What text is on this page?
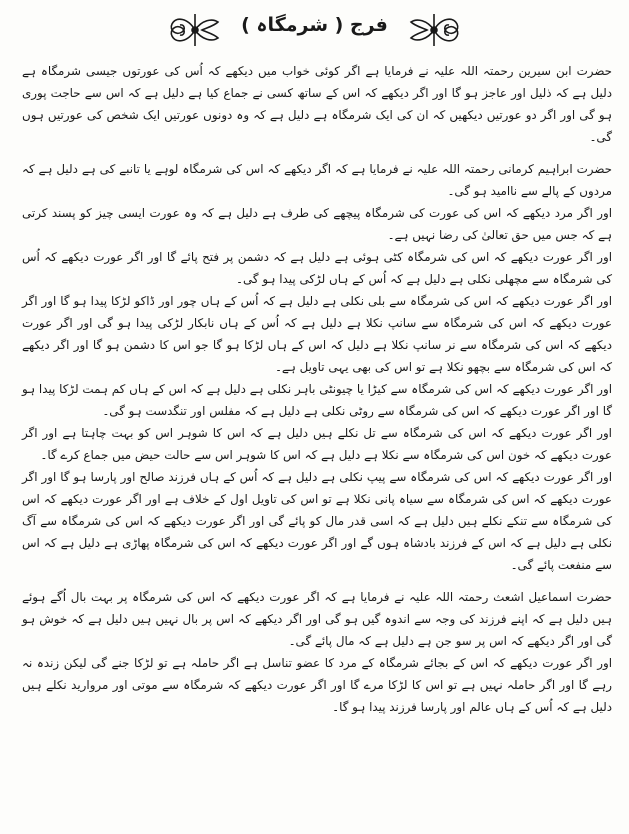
فرج ( شرمگاہ )

حضرت ابن سیرین رحمتہ اللہ علیہ نے فرمایا ہے اگر کوئی خواب میں دیکھے کہ اُس کی عورتوں جیسی شرمگاہ ہے دلیل ہے کہ ذلیل اور عاجز ہو گا اور اگر دیکھے کہ اس کے ساتھ کسی نے جماع کیا ہے دلیل ہے کہ اس سے حاجت پوری ہو گی اور اگر دو عورتیں دیکھیں کہ ان کی ایک شرمگاہ ہے دلیل ہے کہ وہ دونوں عورتیں ایک شخص کی عورتیں ہوں گی۔

حضرت ابراہیم کرمانی رحمتہ اللہ علیہ نے فرمایا ہے کہ اگر دیکھے کہ اس کی شرمگاہ لوہے یا تانبے کی ہے دلیل ہے کہ مردوں کے پالے سے ناامید ہو گی۔

اور اگر مرد دیکھے کہ اس کی عورت کی شرمگاہ پیچھے کی طرف ہے دلیل ہے کہ وہ عورت ایسی چیز کو پسند کرتی ہے کہ جس میں حق تعالیٰ کی رضا نہیں ہے۔

اور اگر عورت دیکھے کہ اس کی شرمگاہ کٹی ہوئی ہے دلیل ہے کہ دشمن پر فتح پائے گا اور اگر عورت دیکھے کہ اُس کی شرمگاہ سے مچھلی نکلی ہے دلیل ہے کہ اُس کے ہاں لڑکی پیدا ہو گی۔

اور اگر عورت دیکھے کہ اس کی شرمگاہ سے بلی نکلی ہے دلیل ہے کہ اُس کے ہاں چور اور ڈاکو لڑکا پیدا ہو گا اور اگر عورت دیکھے کہ اس کی شرمگاہ سے سانپ نکلا ہے دلیل ہے کہ اُس کے ہاں نابکار لڑکی پیدا ہو گی اور اگر عورت دیکھے کہ اس کی شرمگاہ سے نر سانپ نکلا ہے دلیل کہ اس کے ہاں لڑکا ہو گا جو اس کا دشمن ہو گا اور اگر دیکھے کہ اس کی شرمگاہ سے بچھو نکلا ہے تو اس کی بھی یہی تاویل ہے۔

اور اگر عورت دیکھے کہ اس کی شرمگاہ سے کیڑا یا چیونٹی باہر نکلی ہے دلیل ہے کہ اس کے ہاں کم ہمت لڑکا پیدا ہو گا اور اگر عورت دیکھے کہ اس کی شرمگاہ سے روٹی نکلی ہے دلیل ہے کہ مفلس اور تنگدست ہو گی۔

اور اگر عورت دیکھے کہ اس کی شرمگاہ سے تل نکلے ہیں دلیل ہے کہ اس کا شوہر اس کو بہت چاہتا ہے اور اگر عورت دیکھے کہ خون اس کی شرمگاہ سے نکلا ہے دلیل ہے کہ اس کا شوہر اس سے حالت حیض میں جماع کرے گا۔

اور اگر عورت دیکھے کہ اس کی شرمگاہ سے پیپ نکلی ہے دلیل ہے کہ اُس کے ہاں فرزند صالح اور پارسا ہو گا اور اگر عورت دیکھے کہ اس کی شرمگاہ سے سیاہ پانی نکلا ہے تو اس کی تاویل اول کے خلاف ہے اور اگر عورت دیکھے کہ اس کی شرمگاہ سے تنکے نکلے ہیں دلیل ہے کہ اسی قدر مال کو پائے گی اور اگر عورت دیکھے کہ اس کی شرمگاہ سے آگ نکلی ہے دلیل ہے کہ اس کے فرزند بادشاہ ہوں گے اور اگر عورت دیکھے کہ اس کی شرمگاہ پھاڑی ہے دلیل ہے کہ اس سے منفعت پائے گی۔

حضرت اسماعیل اشعث رحمتہ اللہ علیہ نے فرمایا ہے کہ اگر عورت دیکھے کہ اس کی شرمگاہ پر بہت بال اُگے ہوئے ہیں دلیل ہے کہ اپنے فرزند کی وجہ سے اندوہ گیں ہو گی اور اگر دیکھے کہ اس پر بال نہیں ہیں دلیل ہے کہ خوش ہو گی اور اگر دیکھے کہ اس پر سو جن ہے دلیل ہے کہ مال پائے گی۔

اور اگر عورت دیکھے کہ اس کے بجائے شرمگاہ کے مرد کا عضو تناسل ہے اگر حاملہ ہے تو لڑکا جنے گی لیکن زندہ نہ رہے گا اور اگر حاملہ نہیں ہے تو اس کا لڑکا مرے گا اور اگر عورت دیکھے کہ شرمگاہ سے موتی اور مروارید نکلے ہیں دلیل ہے کہ اُس کے ہاں عالم اور پارسا فرزند پیدا ہو گا۔
